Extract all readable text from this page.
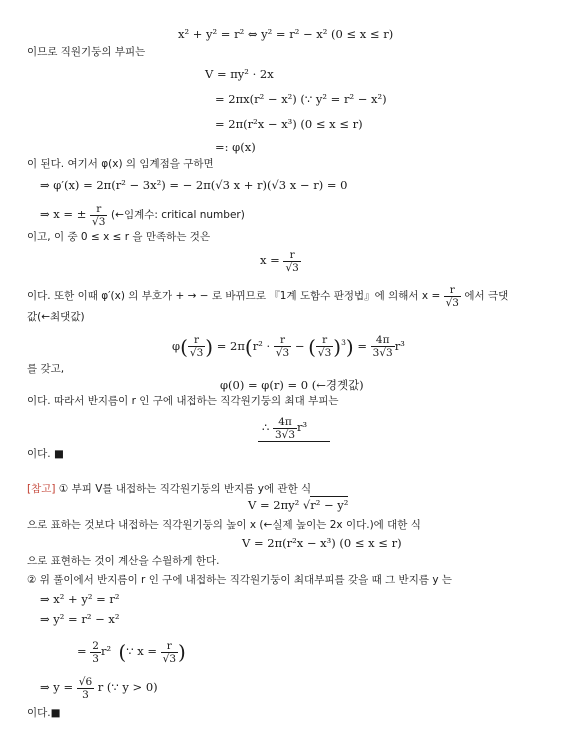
x² + y² = r² ⇔ y² = r² − x² (0 ≤ x ≤ r)
이므로 직원기둥의 부피는
V = πy² · 2x
= 2πx(r² − x²) (∵ y² = r² − x²)
= 2π(r²x − x³) (0 ≤ x ≤ r)
=: φ(x)
이 된다. 여기서 φ(x) 의 임계점을 구하면
⇒ φ′(x) = 2π(r² − 3x²) = − 2π(√3 x + r)(√3 x − r) = 0
⇒ x = ± $\frac{r}{√3}$ (←임계수: critical number)
이고, 이 중 0 ≤ x ≤ r 을 만족하는 것은
$x = \frac{r}{√3}$
이다. 또한 이때 φ′(x) 의 부호가 + → − 로 바뀌므로 『1계 도함수 판정법』에 의해서 $x = \frac{r}{√3}$ 에서 극댓
값(←최댓값)
$\varphi( \frac{r}{√3}$ ) = $2\pi(r^2 \cdot \frac{r}{√3}$ − ( $\frac{r}{√3} )^3) = \frac{4\pi}{3√3} r^3$
를 갖고,
φ(0) = φ(r) = 0 (←경곗값)
이다. 따라서 반지름이 r 인 구에 내접하는 직각원기둥의 최대 부피는
∴ $\frac{4\pi}{3√3} r^3$
이다. ■
[참고] ① 부피 V를 내접하는 직각원기둥의 반지름 y에 관한 식
V = 2πy² √r² − y²
으로 표하는 것보다 내접하는 직각원기둥의 높이 x (←실제 높이는 2x 이다.)에 대한 식
V = 2π(r²x − x³) (0 ≤ x ≤ r)
으로 표현하는 것이 계산을 수월하게 한다.
② 위 풀이에서 반지름이 r 인 구에 내접하는 직각원기둥이 최대부피를 갖을 때 그 반지름 y 는
⇒ x² + y² = r²
⇒ y² = r² − x²
= $\frac{2}{3} r^2$ (∵ $x = \frac{r}{√3}$ )
⇒ $y = \frac{√6}{3}$ r (∵ y > 0)
이다.■
